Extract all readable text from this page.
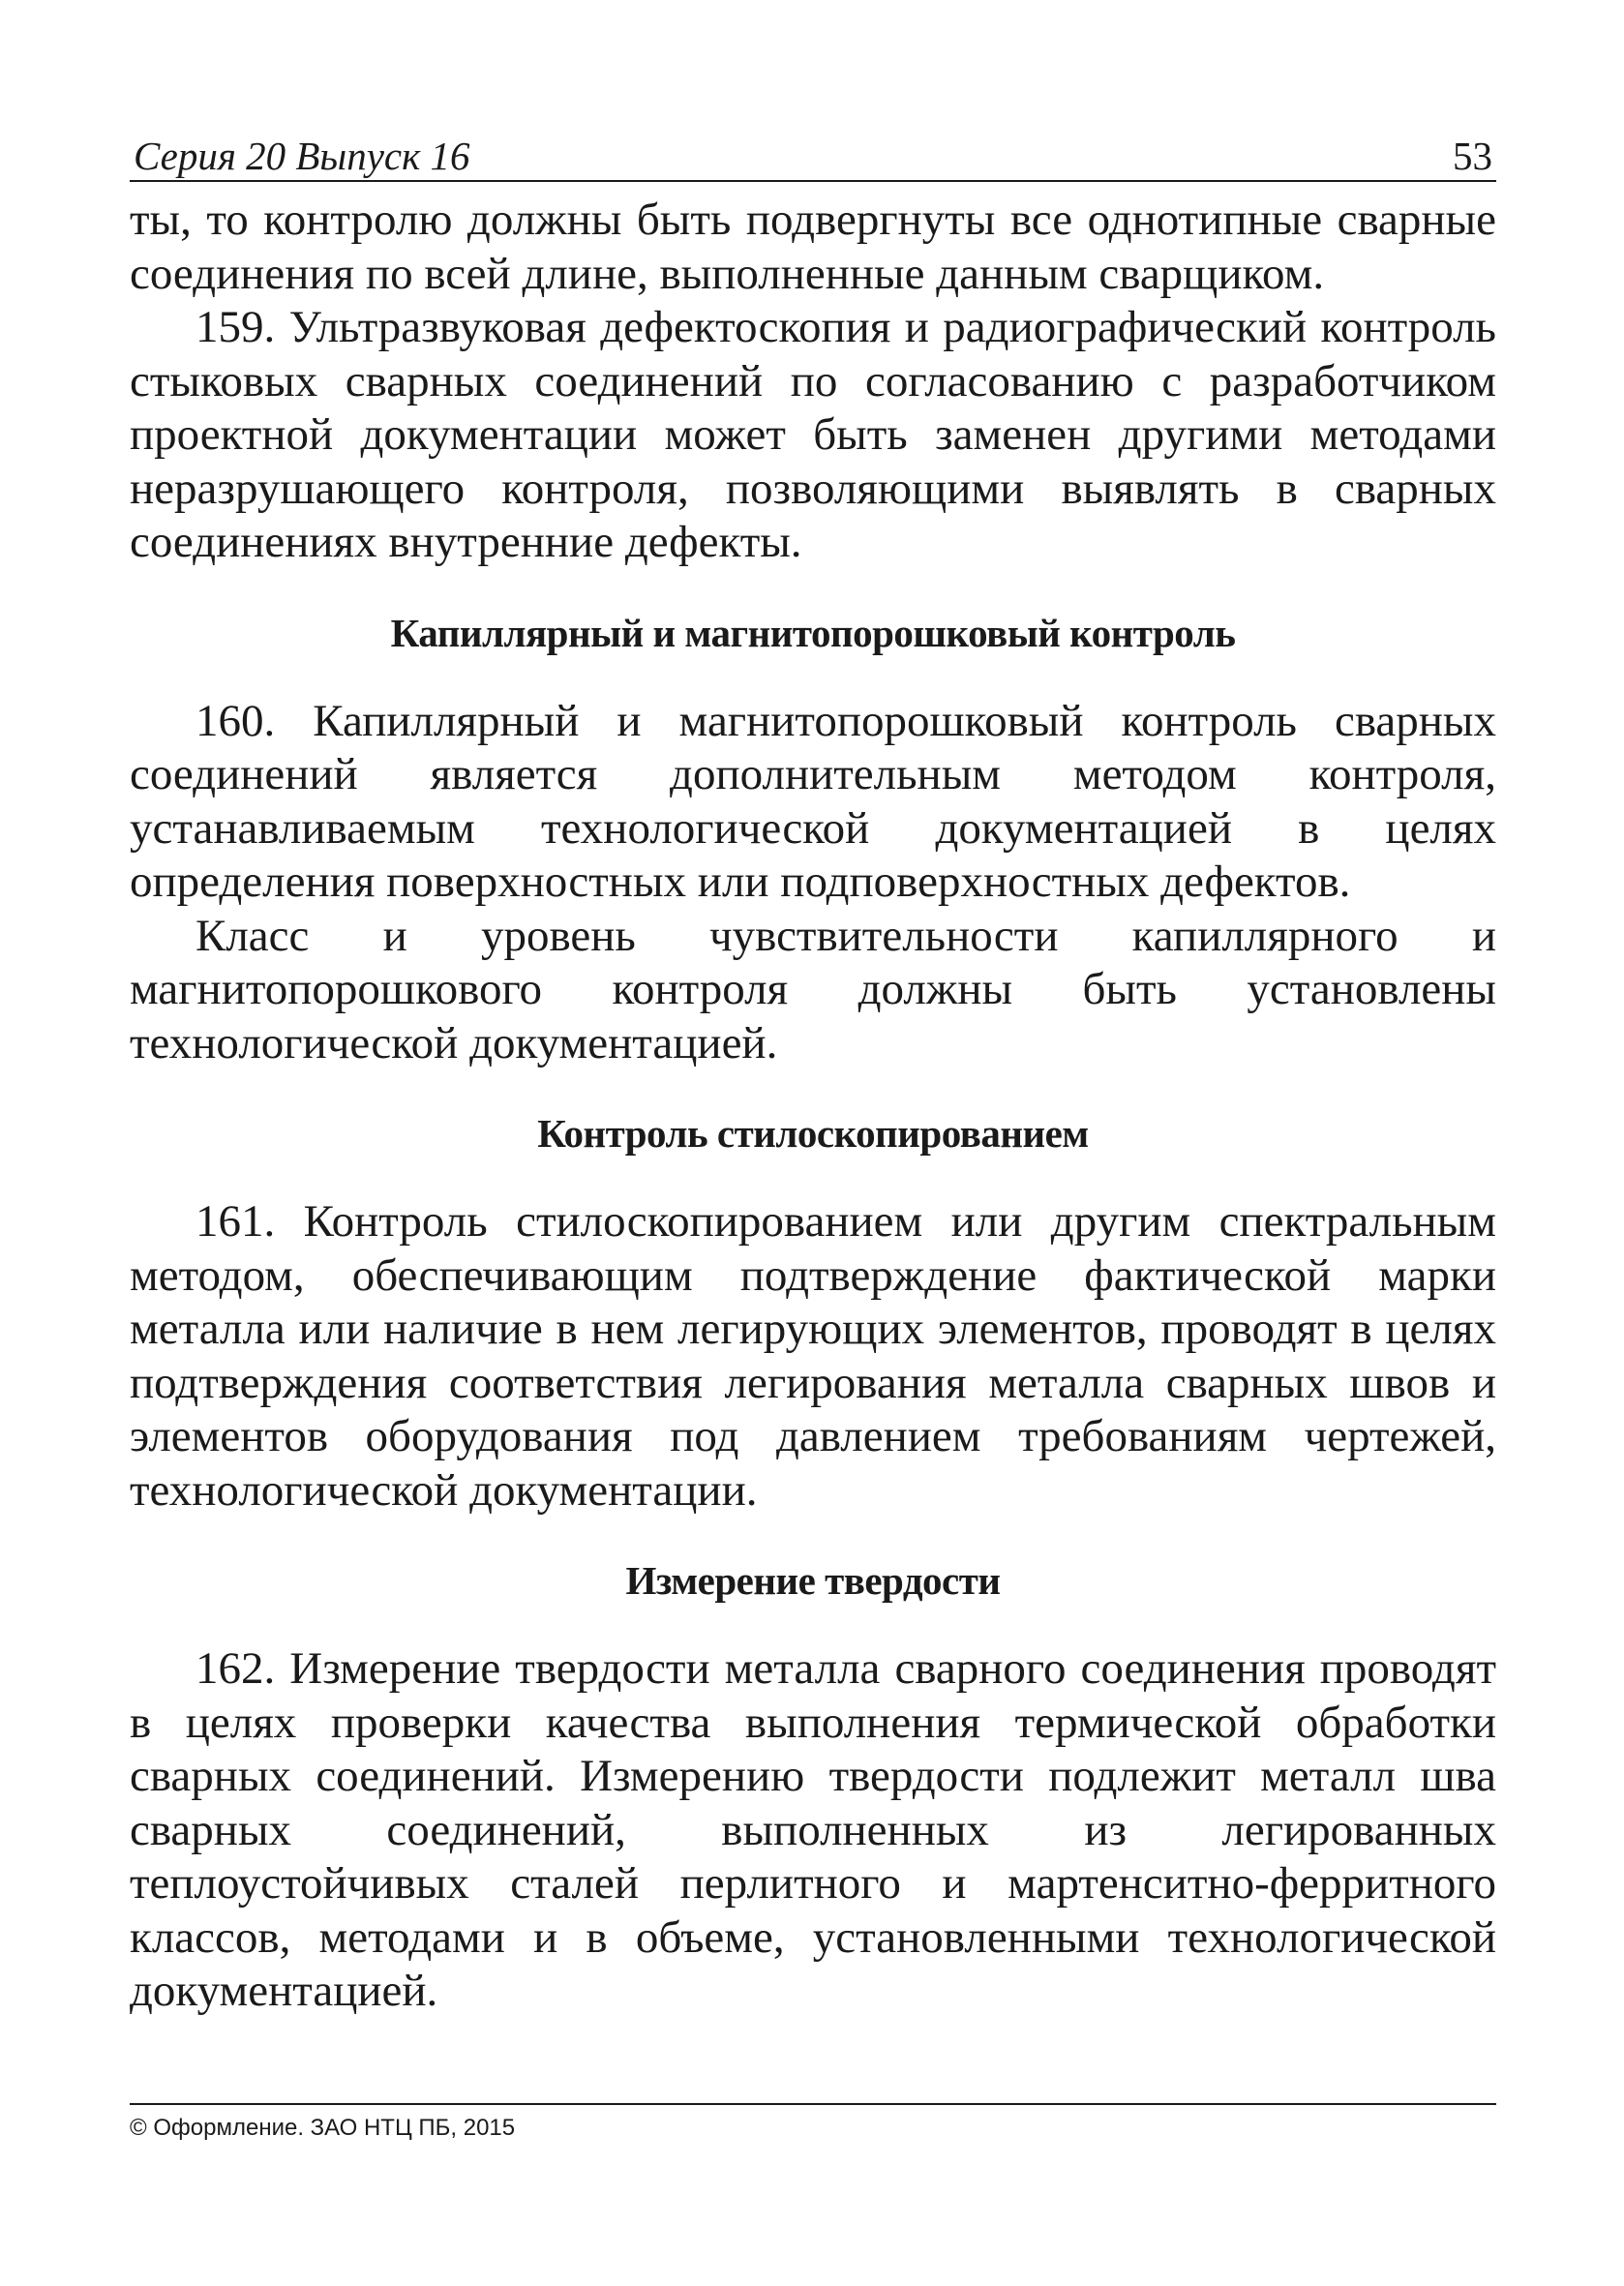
Серия 20 Выпуск 16	53

ты, то контролю должны быть подвергнуты все однотипные сварные соединения по всей длине, выполненные данным сварщиком.

159. Ультразвуковая дефектоскопия и радиографический контроль стыковых сварных соединений по согласованию с разработчиком проектной документации может быть заменен другими методами неразрушающего контроля, позволяющими выявлять в сварных соединениях внутренние дефекты.

Капиллярный и магнитопорошковый контроль

160. Капиллярный и магнитопорошковый контроль сварных соединений является дополнительным методом контроля, устанавливаемым технологической документацией в целях определения поверхностных или подповерхностных дефектов.

Класс и уровень чувствительности капиллярного и магнитопорошкового контроля должны быть установлены технологической документацией.

Контроль стилоскопированием

161. Контроль стилоскопированием или другим спектральным методом, обеспечивающим подтверждение фактической марки металла или наличие в нем легирующих элементов, проводят в целях подтверждения соответствия легирования металла сварных швов и элементов оборудования под давлением требованиям чертежей, технологической документации.

Измерение твердости

162. Измерение твердости металла сварного соединения проводят в целях проверки качества выполнения термической обработки сварных соединений. Измерению твердости подлежит металл шва сварных соединений, выполненных из легированных теплоустойчивых сталей перлитного и мартенситно-ферритного классов, методами и в объеме, установленными технологической документацией.

© Оформление. ЗАО НТЦ ПБ, 2015
